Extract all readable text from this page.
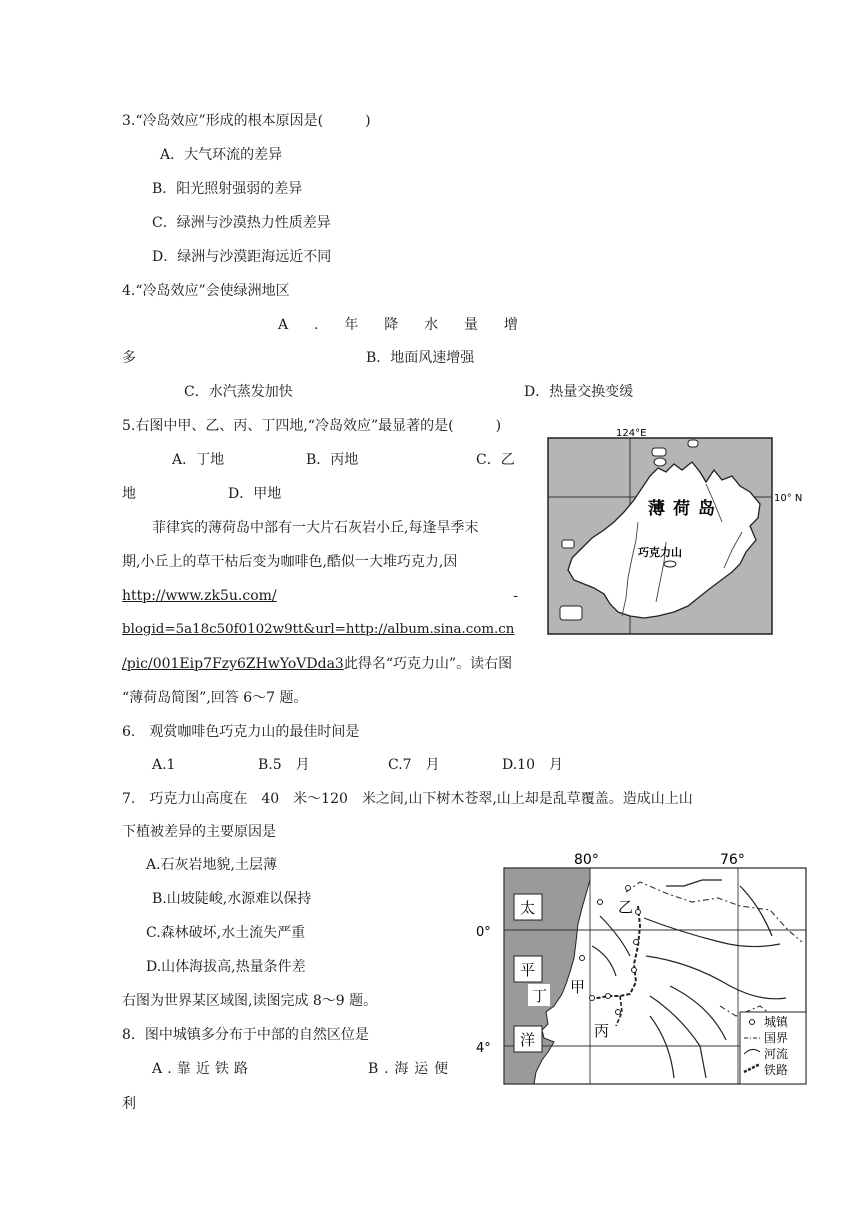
3.“冷岛效应”形成的根本原因是(　　　)
A．大气环流的差异
B．阳光照射强弱的差异
C．绿洲与沙漠热力性质差异
D．绿洲与沙漠距海远近不同
4.“冷岛效应”会使绿洲地区
A . 年 降 水 量 增
多	B．地面风速增强
C．水汽蒸发加快	D．热量交换变缓
5.右图中甲、乙、丙、丁四地,“冷岛效应”最显著的是(　　　)
A．丁地	B．丙地	C．乙
地	D．甲地
菲律宾的薄荷岛中部有一大片石灰岩小丘,每逢旱季末
期,小丘上的草干枯后变为咖啡色,酷似一大堆巧克力,因
http://www.zk5u.com/	-
blogid=5a18c50f0102w9tt&url=http://album.sina.com.cn
/pic/001Eip7Fzy6ZHwYoVDda3此得名“巧克力山”。读右图
“薄荷岛简图”,回答 6～7 题。
6.　观赏咖啡色巧克力山的最佳时间是
A.1	B.5　月	C.7　月	D.10　月
7.　巧克力山高度在　40　米～120　米之间,山下树木苍翠,山上却是乱草覆盖。造成山上山
下植被差异的主要原因是
A.石灰岩地貌,土层薄
B.山坡陡峻,水源难以保持
C.森林破坏,水土流失严重
D.山体海拔高,热量条件差
右图为世界某区域图,读图完成 8～9 题。
8．图中城镇多分布于中部的自然区位是
A . 靠 近 铁 路	B . 海 运 便
利
124°E
10° N
薄荷岛
巧克力山
城镇
国界
河流
铁路
太
平
洋
丁 甲
乙
丙
80°	76°
0°
4°
